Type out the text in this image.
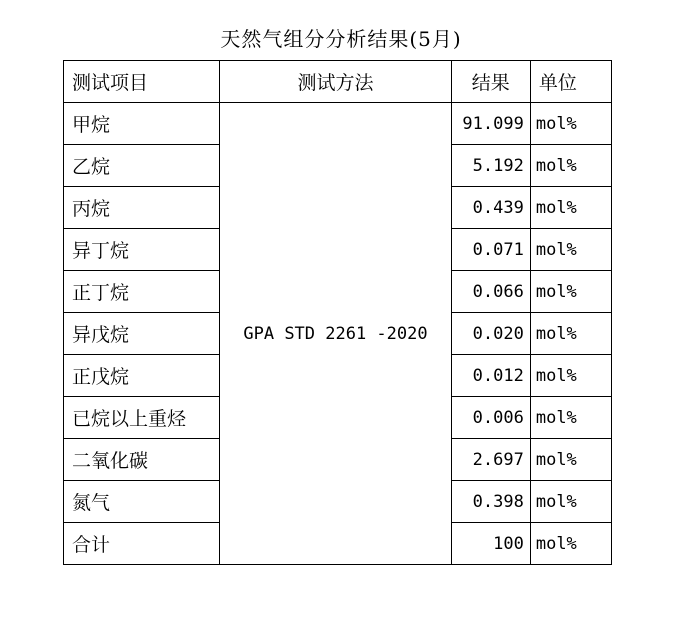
天然气组分分析结果(5月)
测试项目	测试方法	结果	单位
甲烷	GPA STD 2261 -2020	91.099	mol%
乙烷		5.192	mol%
丙烷		0.439	mol%
异丁烷		0.071	mol%
正丁烷		0.066	mol%
异戊烷		0.020	mol%
正戊烷		0.012	mol%
已烷以上重烃		0.006	mol%
二氧化碳		2.697	mol%
氮气		0.398	mol%
合计		100	mol%
